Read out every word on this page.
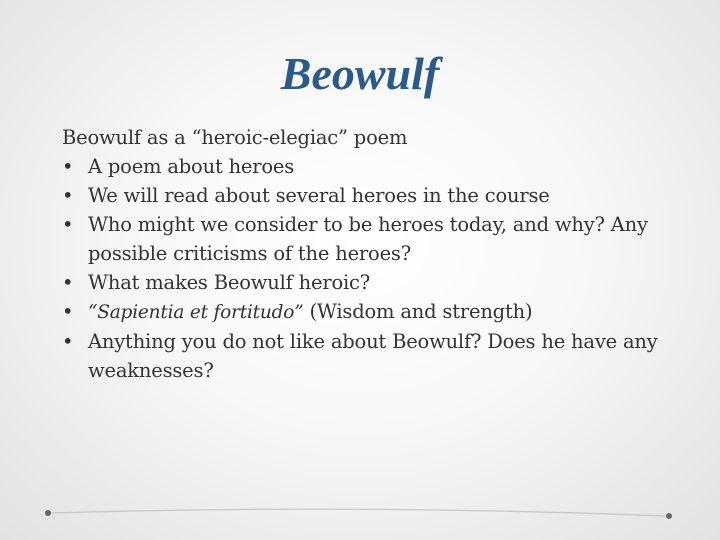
Beowulf

Beowulf as a “heroic-elegiac” poem

• A poem about heroes
• We will read about several heroes in the course
• Who might we consider to be heroes today, and why? Any possible criticisms of the heroes?
• What makes Beowulf heroic?
• “Sapientia et fortitudo” (Wisdom and strength)
• Anything you do not like about Beowulf? Does he have any weaknesses?
